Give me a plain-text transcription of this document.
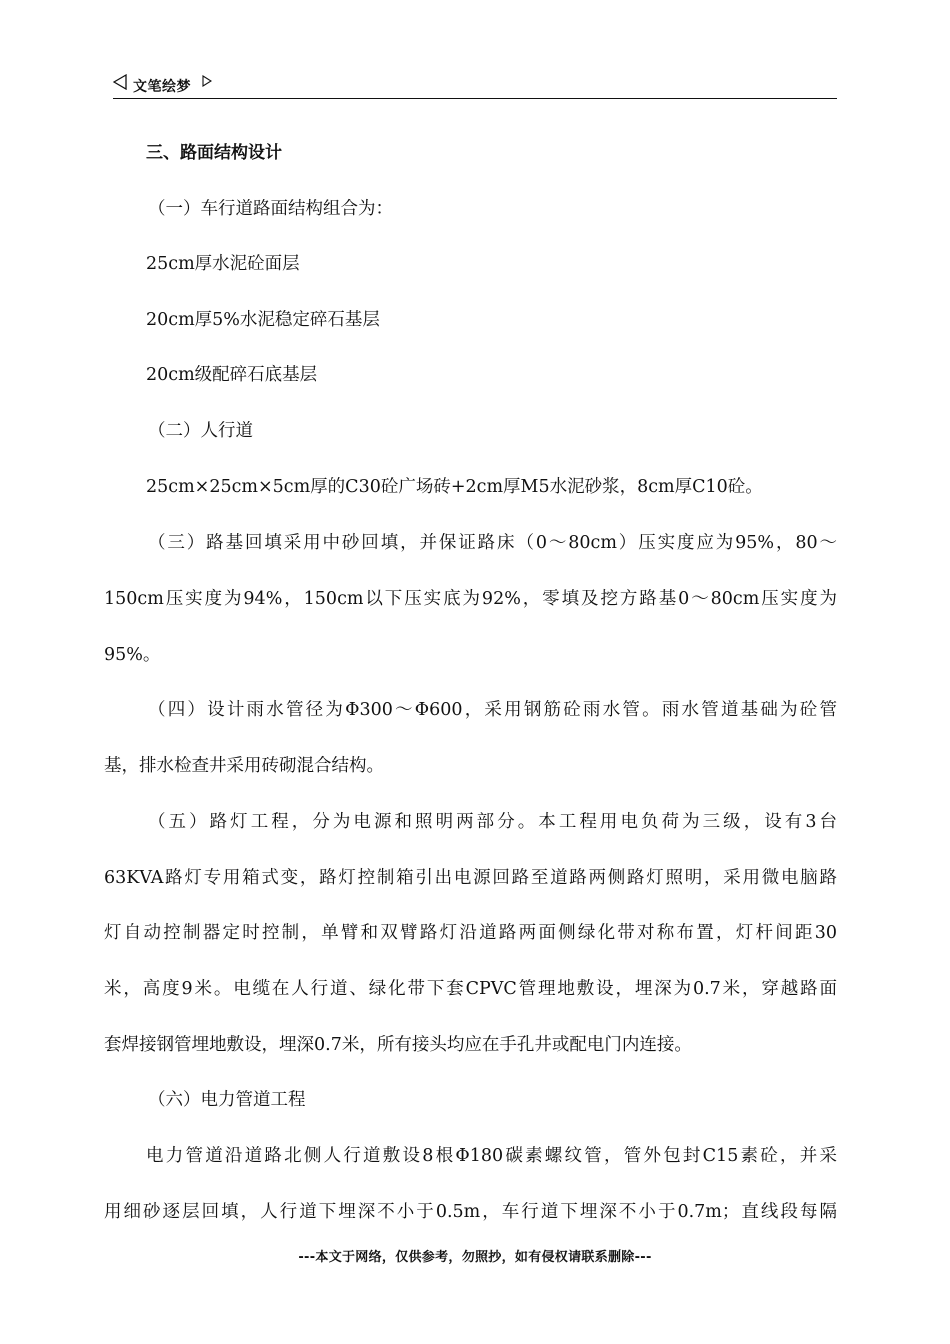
文笔绘梦
三、路面结构设计
（一）车行道路面结构组合为：
25cm厚水泥砼面层
20cm厚5%水泥稳定碎石基层
20cm级配碎石底基层
（二）人行道
25cm×25cm×5cm厚的C30砼广场砖+2cm厚M5水泥砂浆，8cm厚C10砼。
（三）路基回填采用中砂回填，并保证路床（0～80cm）压实度应为95%，80～
150cm压实度为94%，150cm以下压实底为92%，零填及挖方路基0～80cm压实度为
95%。
（四）设计雨水管径为Φ300～Φ600，采用钢筋砼雨水管。雨水管道基础为砼管
基，排水检查井采用砖砌混合结构。
（五）路灯工程，分为电源和照明两部分。本工程用电负荷为三级，设有3台
63KVA路灯专用箱式变，路灯控制箱引出电源回路至道路两侧路灯照明，采用微电脑路
灯自动控制器定时控制，单臂和双臂路灯沿道路两面侧绿化带对称布置，灯杆间距30
米，高度9米。电缆在人行道、绿化带下套CPVC管理地敷设，埋深为0.7米，穿越路面
套焊接钢管埋地敷设，埋深0.7米，所有接头均应在手孔井或配电门内连接。
（六）电力管道工程
电力管道沿道路北侧人行道敷设8根Φ180碳素螺纹管，管外包封C15素砼，并采
用细砂逐层回填，人行道下埋深不小于0.5m，车行道下埋深不小于0.7m；直线段每隔
---本文于网络，仅供参考，勿照抄，如有侵权请联系删除---
